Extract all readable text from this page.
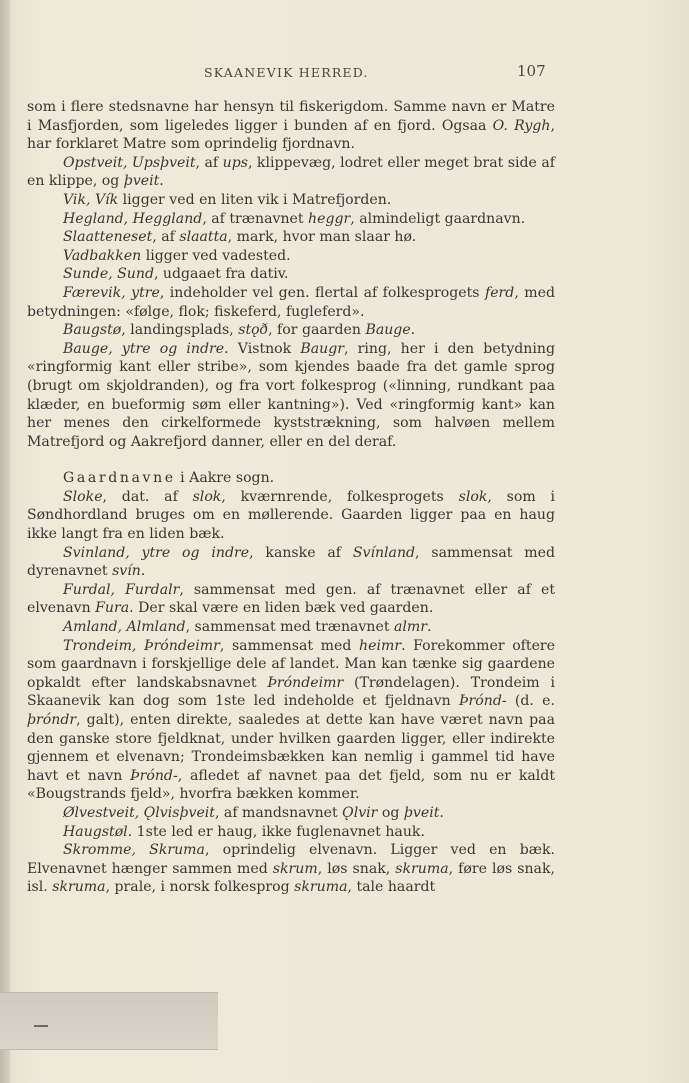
SKAANEVIK HERRED.	107

som i flere stedsnavne har hensyn til fiskerigdom. Samme navn er Matre i Masfjorden, som ligeledes ligger i bunden af en fjord. Ogsaa O. Rygh, har forklaret Matre som oprindelig fjordnavn.

Opstveit, Upsþveit, af ups, klippevæg, lodret eller meget brat side af en klippe, og þveit.

Vik, Vík ligger ved en liten vik i Matrefjorden.

Hegland, Heggland, af trænavnet heggr, almindeligt gaardnavn.

Slaatteneset, af slaatta, mark, hvor man slaar hø.

Vadbakken ligger ved vadested.

Sunde, Sund, udgaaet fra dativ.

Færevik, ytre, indeholder vel gen. flertal af folkesprogets ferd, med betydningen: «følge, flok; fiskeferd, fugleferd».

Baugstø, landingsplads, stǫð, for gaarden Bauge.

Bauge, ytre og indre. Vistnok Baugr, ring, her i den betydning «ringformig kant eller stribe», som kjendes baade fra det gamle sprog (brugt om skjoldranden), og fra vort folkesprog («linning, rundkant paa klæder, en bueformig søm eller kantning»). Ved «ringformig kant» kan her menes den cirkelformede kyststrækning, som halvøen mellem Matrefjord og Aakrefjord danner, eller en del deraf.

Gaardnavne i Aakre sogn.

Sloke, dat. af slok, kværnrende, folkesprogets slok, som i Søndhordland bruges om en møllerende. Gaarden ligger paa en haug ikke langt fra en liden bæk.

Svinland, ytre og indre, kanske af Svínland, sammensat med dyrenavnet svín.

Furdal, Furdalr, sammensat med gen. af trænavnet eller af et elvenavn Fura. Der skal være en liden bæk ved gaarden.

Amland, Almland, sammensat med trænavnet almr.

Trondeim, Þróndeimr, sammensat med heimr. Forekommer oftere som gaardnavn i forskjellige dele af landet. Man kan tænke sig gaardene opkaldt efter landskabsnavnet Þróndeimr (Trøndelagen). Trondeim i Skaanevik kan dog som 1ste led indeholde et fjeldnavn Þrónd- (d. e. þróndr, galt), enten direkte, saaledes at dette kan have været navn paa den ganske store fjeldknat, under hvilken gaarden ligger, eller indirekte gjennem et elvenavn; Trondeimsbækken kan nemlig i gammel tid have havt et navn Þrónd-, afledet af navnet paa det fjeld, som nu er kaldt «Bougstrands fjeld», hvorfra bækken kommer.

Ølvestveit, Ǫlvisþveit, af mandsnavnet Ǫlvir og þveit.

Haugstøl. 1ste led er haug, ikke fuglenavnet hauk.

Skromme, Skruma, oprindelig elvenavn. Ligger ved en bæk. Elvenavnet hænger sammen med skrum, løs snak, skruma, føre løs snak, isl. skruma, prale, i norsk folkesprog skruma, tale haardt
